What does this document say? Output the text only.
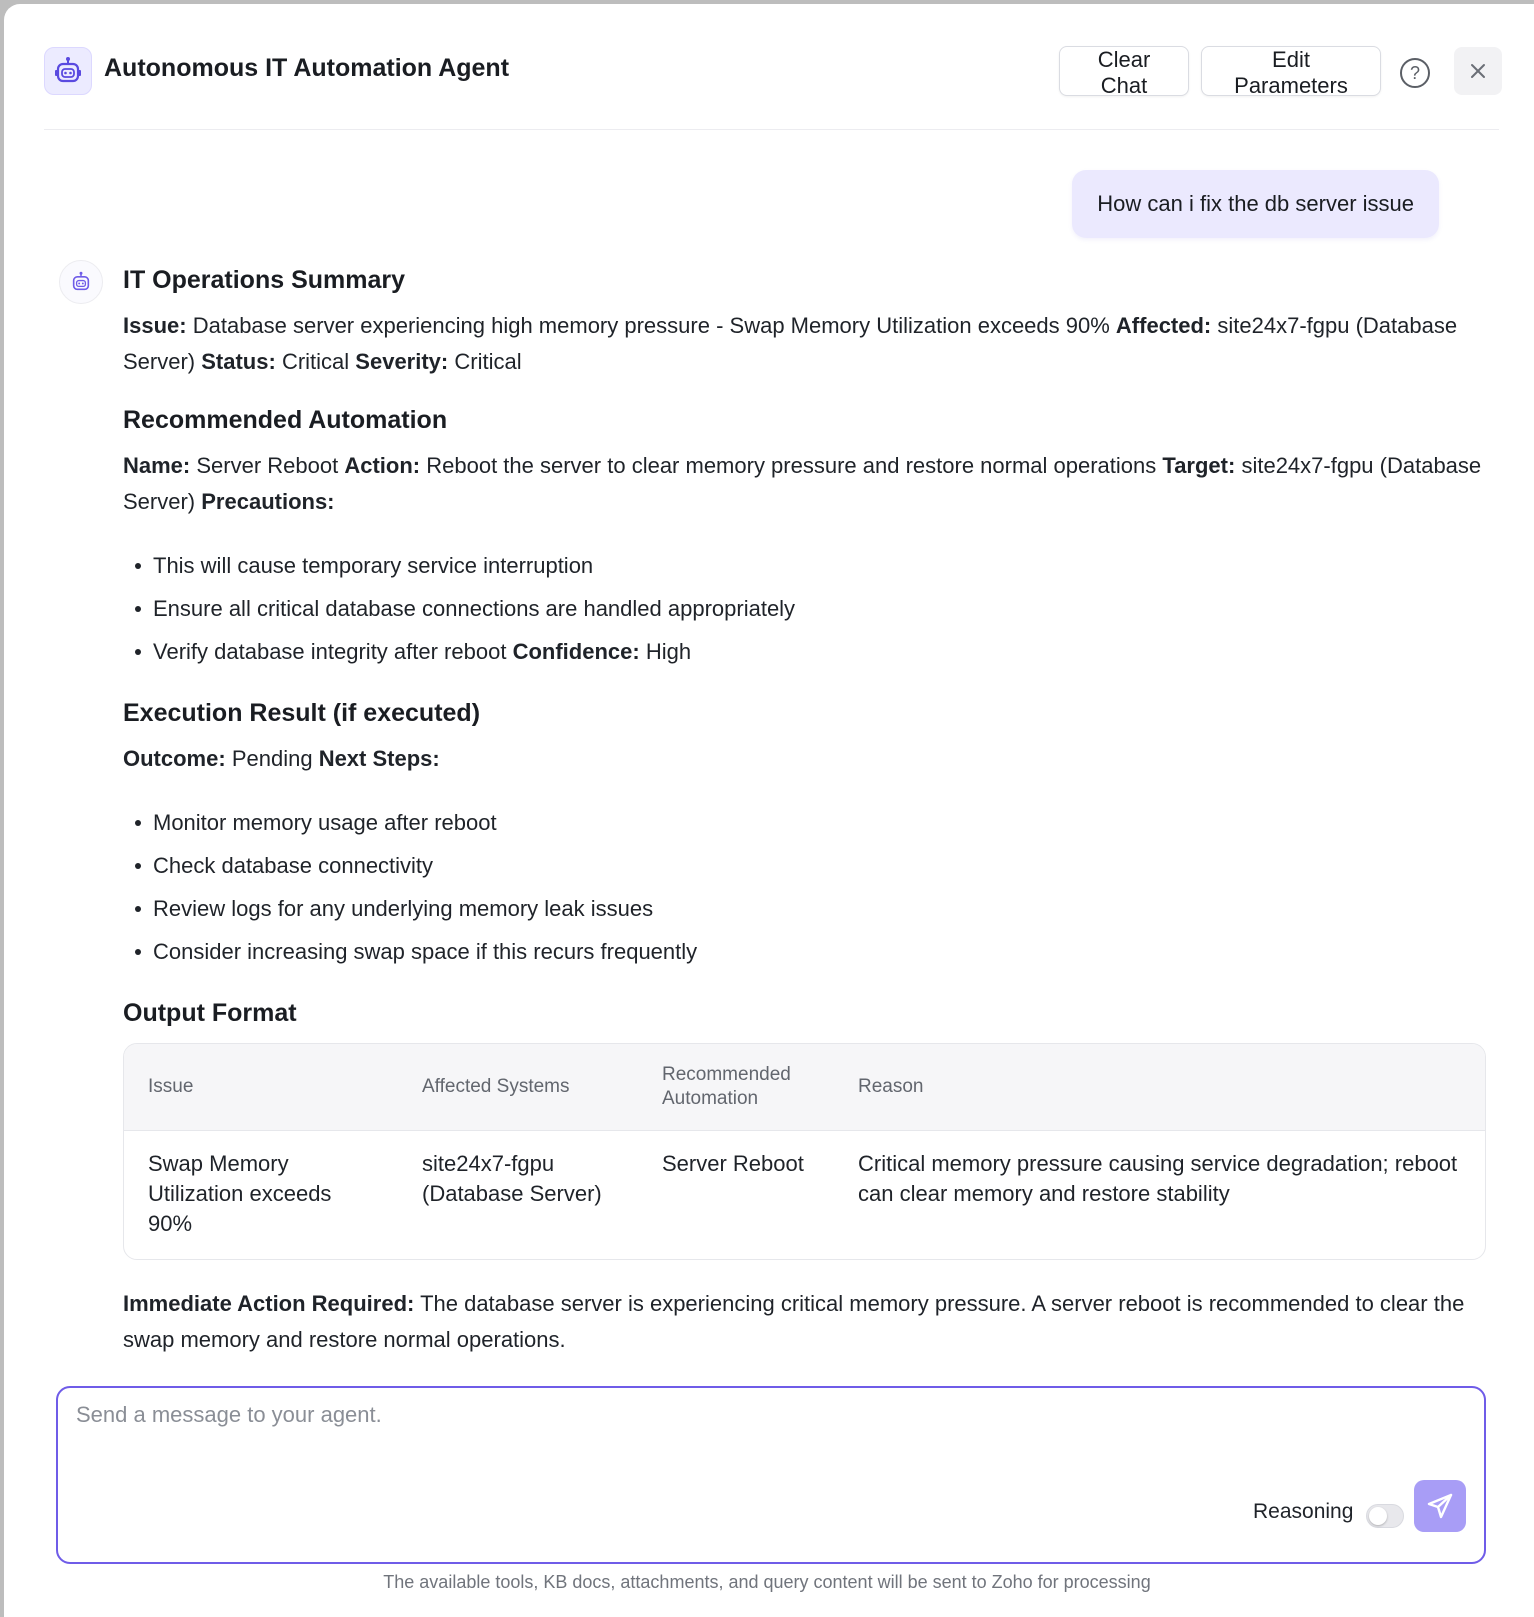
Autonomous IT Automation Agent	Clear Chat
Edit Parameters
?
How can i fix the db server issue
IT Operations Summary

Issue: Database server experiencing high memory pressure - Swap Memory Utilization exceeds 90% Affected: site24x7-fgpu (Database Server) Status: Critical Severity: Critical

Recommended Automation

Name: Server Reboot Action: Reboot the server to clear memory pressure and restore normal operations Target: site24x7-fgpu (Database Server) Precautions:

This will cause temporary service interruption
Ensure all critical database connections are handled appropriately
Verify database integrity after reboot Confidence: High
Execution Result (if executed)

Outcome: Pending Next Steps:

Monitor memory usage after reboot
Check database connectivity
Review logs for any underlying memory leak issues
Consider increasing swap space if this recurs frequently
Output Format
Issue	Affected Systems	Recommended Automation	Reason
Swap Memory Utilization exceeds 90%	site24x7-fgpu (Database Server)	Server Reboot	Critical memory pressure causing service degradation; reboot can clear memory and restore stability

Immediate Action Required: The database server is experiencing critical memory pressure. A server reboot is recommended to clear the swap memory and restore normal operations.

Send a message to your agent.
Reasoning
The available tools, KB docs, attachments, and query content will be sent to Zoho for processing
